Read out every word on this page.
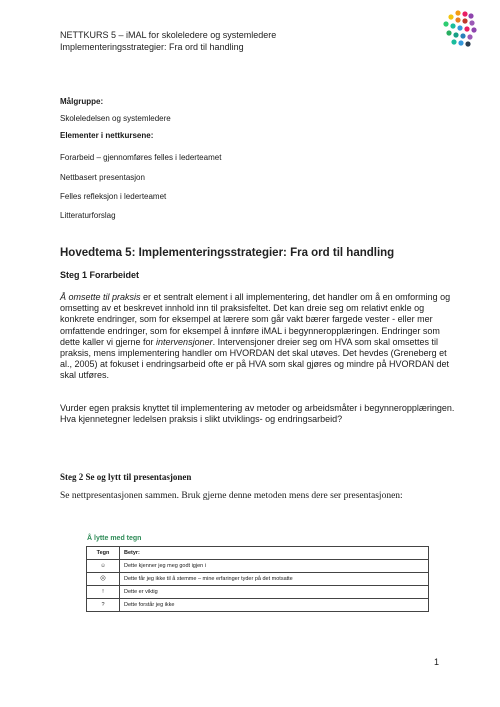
NETTKURS 5 – iMAL for skoleledere og systemledere
Implementeringsstrategier: Fra ord til handling
Målgruppe:
Skoleledelsen og systemledere
Elementer i nettkursene:
Forarbeid – gjennomføres felles i lederteamet
Nettbasert presentasjon
Felles refleksjon i lederteamet
Litteraturforslag
Hovedtema 5: Implementeringsstrategier: Fra ord til handling
Steg 1 Forarbeidet

Å omsette til praksis er et sentralt element i all implementering, det handler om å en omforming og omsetting av et beskrevet innhold inn til praksisfeltet. Det kan dreie seg om relativt enkle og konkrete endringer, som for eksempel at lærere som går vakt bærer fargede vester - eller mer omfattende endringer, som for eksempel å innføre iMAL i begynneropplæringen. Endringer som dette kaller vi gjerne for intervensjoner. Intervensjoner dreier seg om HVA som skal omsettes til praksis, mens implementering handler om HVORDAN det skal utøves. Det hevdes (Greneberg et al., 2005) at fokuset i endringsarbeid ofte er på HVA som skal gjøres og mindre på HVORDAN det skal utføres.

Vurder egen praksis knyttet til implementering av metoder og arbeidsmåter i begynneropplæringen. Hva kjennetegner ledelsen praksis i slikt utviklings- og endringsarbeid?
Steg 2 Se og lytt til presentasjonen
Se nettpresentasjonen sammen. Bruk gjerne denne metoden mens dere ser presentasjonen:
Å lytte med tegn
Tegn	Betyr:
☺	Dette kjenner jeg meg godt igjen i
☹	Dette får jeg ikke til å stemme – mine erfaringer tyder på det motsatte
!	Dette er viktig
?	Dette forstår jeg ikke
1
